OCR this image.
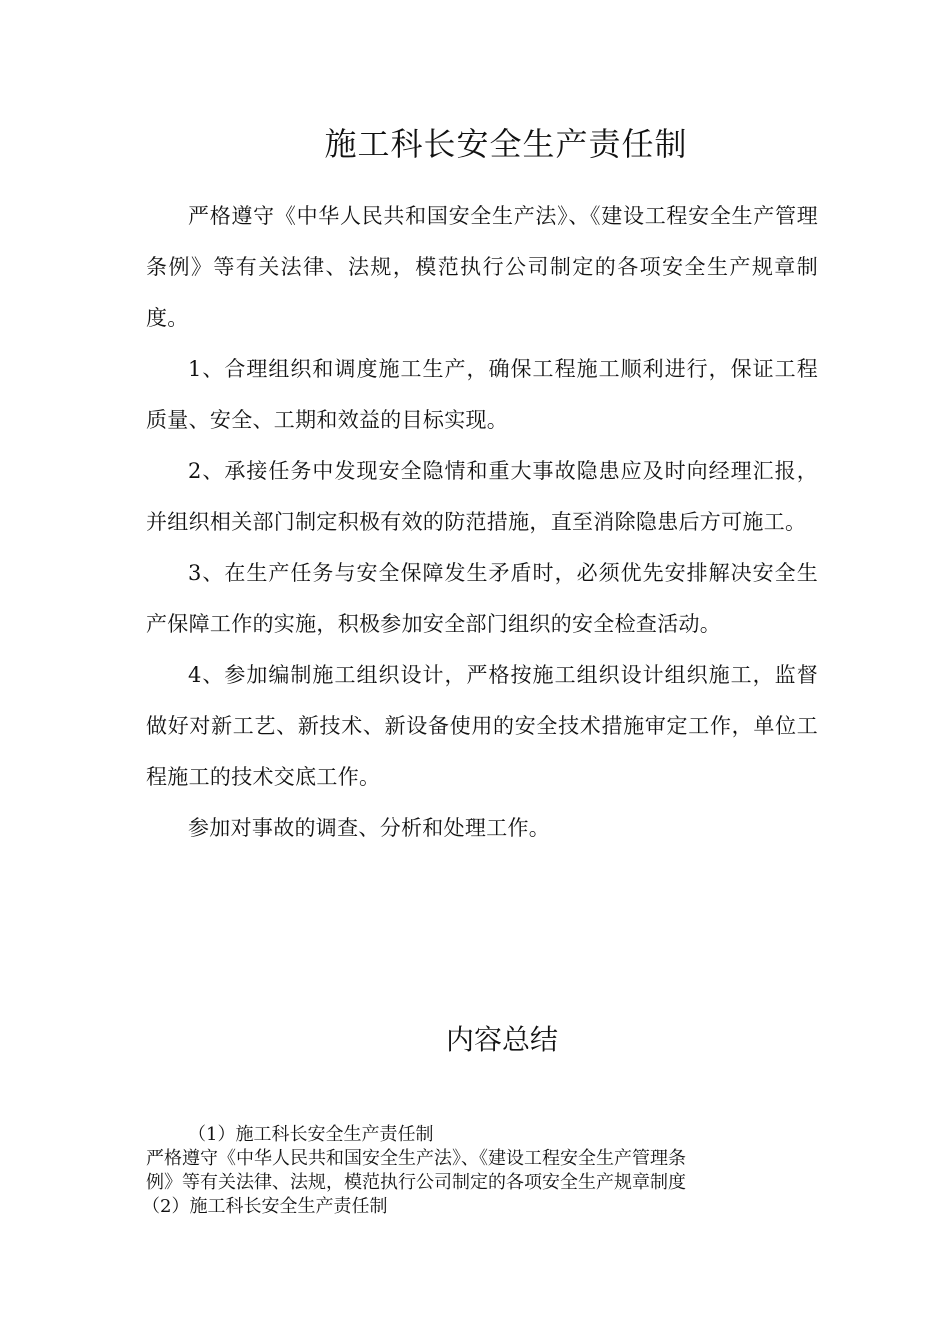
施工科长安全生产责任制

严格遵守《中华人民共和国安全生产法》、《建设工程安全生产管理条例》等有关法律、法规，模范执行公司制定的各项安全生产规章制度。

1、合理组织和调度施工生产，确保工程施工顺利进行，保证工程质量、安全、工期和效益的目标实现。

2、承接任务中发现安全隐情和重大事故隐患应及时向经理汇报，并组织相关部门制定积极有效的防范措施，直至消除隐患后方可施工。

3、在生产任务与安全保障发生矛盾时，必须优先安排解决安全生产保障工作的实施，积极参加安全部门组织的安全检查活动。

4、参加编制施工组织设计，严格按施工组织设计组织施工，监督做好对新工艺、新技术、新设备使用的安全技术措施审定工作，单位工程施工的技术交底工作。

参加对事故的调查、分析和处理工作。

内容总结

（1）施工科长安全生产责任制

严格遵守《中华人民共和国安全生产法》、《建设工程安全生产管理条

例》等有关法律、法规，模范执行公司制定的各项安全生产规章制度

（2）施工科长安全生产责任制
